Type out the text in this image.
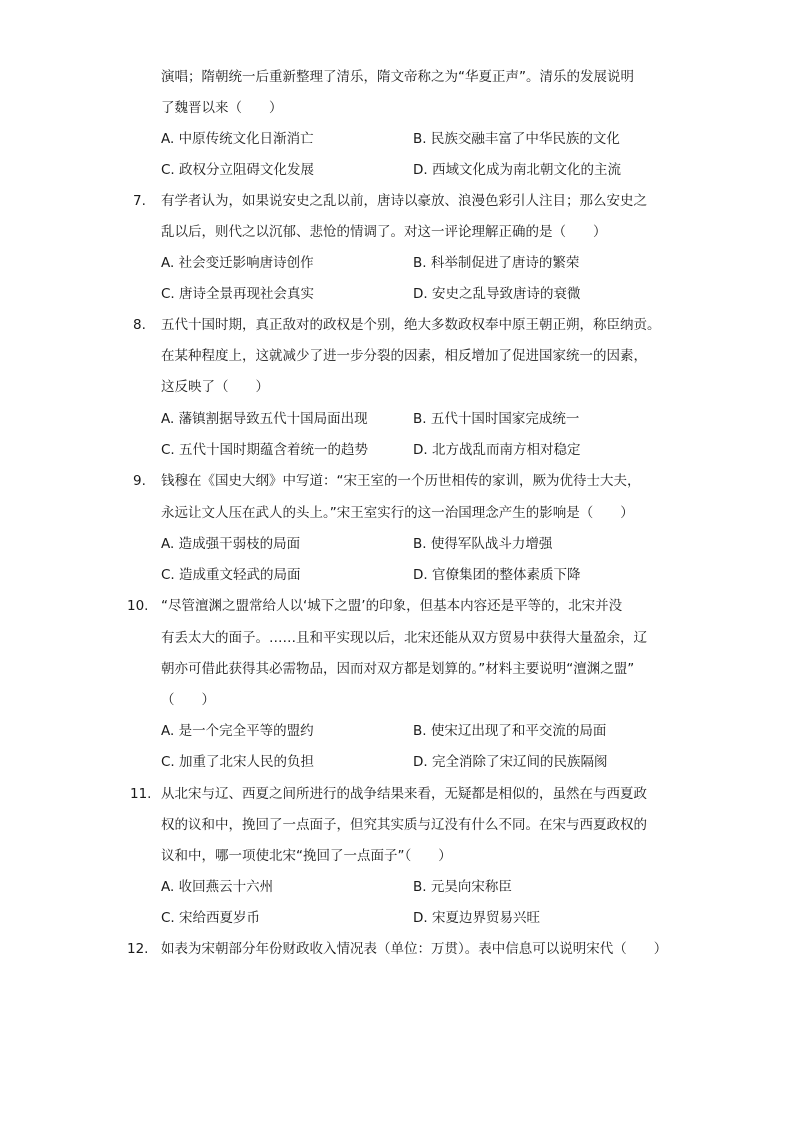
演唱；隋朝统一后重新整理了清乐，隋文帝称之为“华夏正声”。清乐的发展说明
了魏晋以来（　　）
A. 中原传统文化日渐消亡	B. 民族交融丰富了中华民族的文化
C. 政权分立阻碍文化发展	D. 西域文化成为南北朝文化的主流
7. 有学者认为，如果说安史之乱以前，唐诗以豪放、浪漫色彩引人注目；那么安史之
乱以后，则代之以沉郁、悲怆的情调了。对这一评论理解正确的是（　　）
A. 社会变迁影响唐诗创作	B. 科举制促进了唐诗的繁荣
C. 唐诗全景再现社会真实	D. 安史之乱导致唐诗的衰微
8. 五代十国时期，真正敌对的政权是个别，绝大多数政权奉中原王朝正朔，称臣纳贡。
在某种程度上，这就减少了进一步分裂的因素，相反增加了促进国家统一的因素，
这反映了（　　）
A. 藩镇割据导致五代十国局面出现	B. 五代十国时国家完成统一
C. 五代十国时期蕴含着统一的趋势	D. 北方战乱而南方相对稳定
9. 钱穆在《国史大纲》中写道：“宋王室的一个历世相传的家训，厥为优待士大夫，
永远让文人压在武人的头上。”宋王室实行的这一治国理念产生的影响是（　　）
A. 造成强干弱枝的局面	B. 使得军队战斗力增强
C. 造成重文轻武的局面	D. 官僚集团的整体素质下降
10. “尽管澶渊之盟常给人以‘城下之盟’的印象，但基本内容还是平等的，北宋并没
有丢太大的面子。……且和平实现以后，北宋还能从双方贸易中获得大量盈余，辽
朝亦可借此获得其必需物品，因而对双方都是划算的。”材料主要说明“澶渊之盟”
（　　）
A. 是一个完全平等的盟约	B. 使宋辽出现了和平交流的局面
C. 加重了北宋人民的负担	D. 完全消除了宋辽间的民族隔阂
11. 从北宋与辽、西夏之间所进行的战争结果来看，无疑都是相似的，虽然在与西夏政
权的议和中，挽回了一点面子，但究其实质与辽没有什么不同。在宋与西夏政权的
议和中，哪一项使北宋“挽回了一点面子”（　　）
A. 收回燕云十六州	B. 元昊向宋称臣
C. 宋给西夏岁币	D. 宋夏边界贸易兴旺
12. 如表为宋朝部分年份财政收入情况表（单位：万贯）。表中信息可以说明宋代（　　）
